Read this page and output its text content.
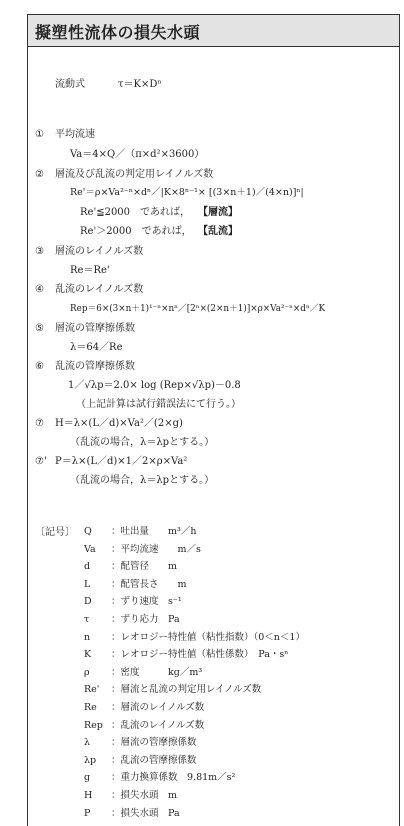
擬塑性流体の損失水頭
流動式	τ＝K×Dⁿ
① 平均流速
Va＝4×Q／（π×d²×3600）
② 層流及び乱流の判定用レイノルズ数
Re'＝ρ×Va²⁻ⁿ×dⁿ／|K×8ⁿ⁻¹× [(3×n＋1)／(4×n)]ⁿ|
Re'≦2000　であれば， 【層流】
Re'＞2000　であれば， 【乱流】
③ 層流のレイノルズ数
Re＝Re'
④ 乱流のレイノルズ数
Rep＝6×(3×n＋1)¹⁻ⁿ×nⁿ／[2ⁿ×(2×n＋1)]×ρ×Va²⁻ⁿ×dⁿ／K
⑤ 層流の管摩擦係数
λ＝64／Re
⑥ 乱流の管摩擦係数
1／√λp＝2.0× log (Rep×√λp)－0.8
（上記計算は試行錯誤法にて行う。）
⑦ H＝λ×(L／d)×Va²／(2×g)
（乱流の場合，λ＝λpとする。）
⑦' P＝λ×(L／d)×1／2×ρ×Va²
（乱流の場合，λ＝λpとする。）
〔記号〕 Q ：吐出量　　m³／h
Va ：平均流速　　m／s
d ：配管径　　m
L ：配管長さ　　m
D ：ずり速度　s⁻¹
τ ：ずり応力　Pa
n ：レオロジー特性値（粘性指数）（0＜n＜1）
K ：レオロジー特性値（粘性係数）　Pa・sⁿ
ρ ：密度　　　kg／m³
Re' ：層流と乱流の判定用レイノルズ数
Re ：層流のレイノルズ数
Rep ：乱流のレイノルズ数
λ ：層流の管摩擦係数
λp ：乱流の管摩擦係数
g ：重力換算係数　9.81m／s²
H ：損失水頭　m
P ：損失水頭　Pa
